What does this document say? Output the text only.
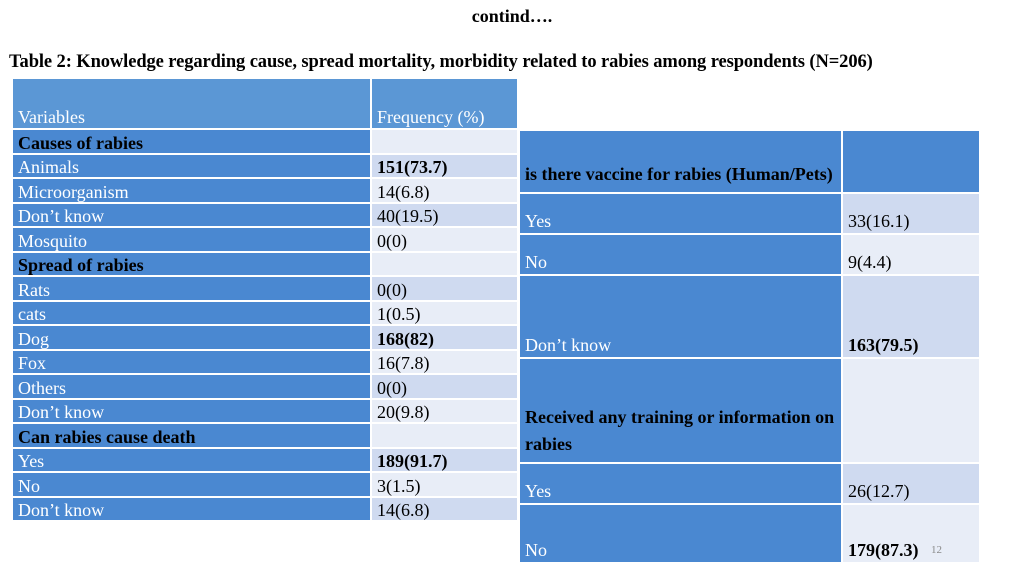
contind….
Table 2: Knowledge regarding cause, spread mortality, morbidity related to rabies among respondents (N=206)
Variables	Frequency (%)
Causes of rabies	
Animals	151(73.7)
Microorganism	14(6.8)
Don’t know	40(19.5)
Mosquito	0(0)
Spread of rabies	
Rats	0(0)
cats	1(0.5)
Dog	168(82)
Fox	16(7.8)
Others	0(0)
Don’t know	20(9.8)
Can rabies cause death	
Yes	189(91.7)
No	3(1.5)
Don’t know	14(6.8)
is there vaccine for rabies (Human/Pets)	
Yes	33(16.1)
No	9(4.4)
Don’t know	163(79.5)
Received any training or information on rabies	
Yes	26(12.7)
No	179(87.3) 12
